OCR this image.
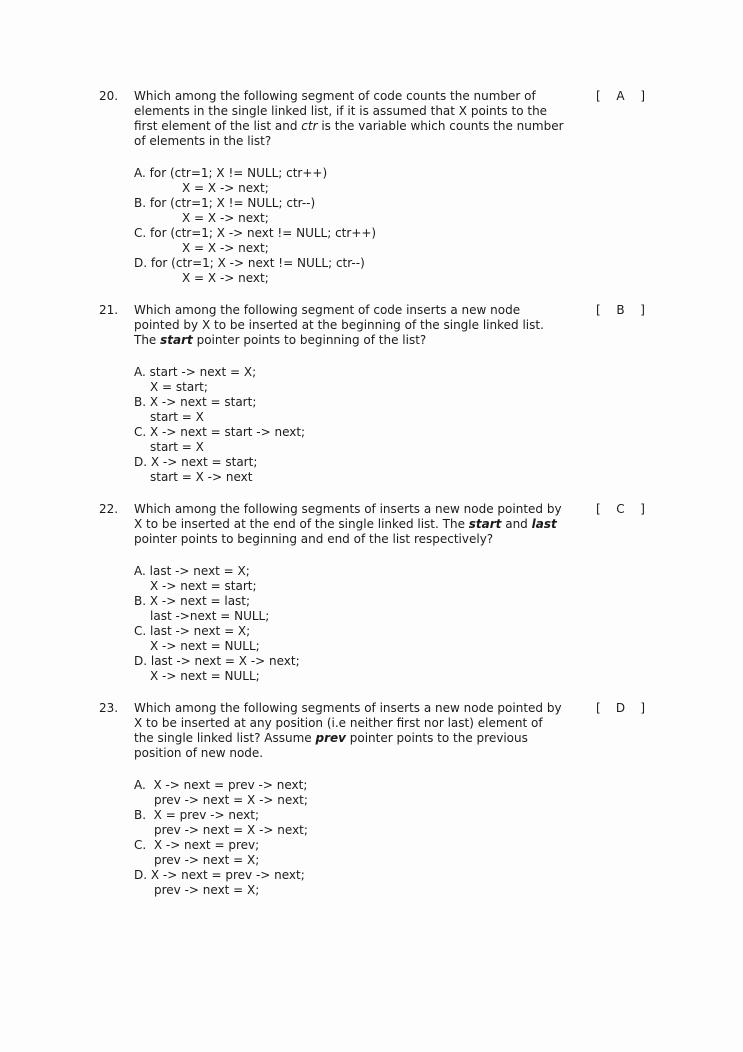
20.	Which among the following segment of code counts the number of
elements in the single linked list, if it is assumed that X points to the
first element of the list and ctr is the variable which counts the number
of elements in the list?
[ A ]
A. for (ctr=1; X != NULL; ctr++)
X = X -> next;
B. for (ctr=1; X != NULL; ctr--)
X = X -> next;
C. for (ctr=1; X -> next != NULL; ctr++)
X = X -> next;
D. for (ctr=1; X -> next != NULL; ctr--)
X = X -> next;
21.	Which among the following segment of code inserts a new node
pointed by X to be inserted at the beginning of the single linked list.
The start pointer points to beginning of the list?
[ B ]
A. start -> next = X;
X = start;
B. X -> next = start;
start = X
C. X -> next = start -> next;
start = X
D. X -> next = start;
start = X -> next
22.	Which among the following segments of inserts a new node pointed by
X to be inserted at the end of the single linked list. The start and last
pointer points to beginning and end of the list respectively?
[ C ]
A. last -> next = X;
X -> next = start;
B. X -> next = last;
last ->next = NULL;
C. last -> next = X;
X -> next = NULL;
D. last -> next = X -> next;
X -> next = NULL;
23.	Which among the following segments of inserts a new node pointed by
X to be inserted at any position (i.e neither first nor last) element of
the single linked list? Assume prev pointer points to the previous
position of new node.
[ D ]
A.  X -> next = prev -> next;
prev -> next = X -> next;
B.  X = prev -> next;
prev -> next = X -> next;
C.  X -> next = prev;
prev -> next = X;
D. X -> next = prev -> next;
prev -> next = X;
